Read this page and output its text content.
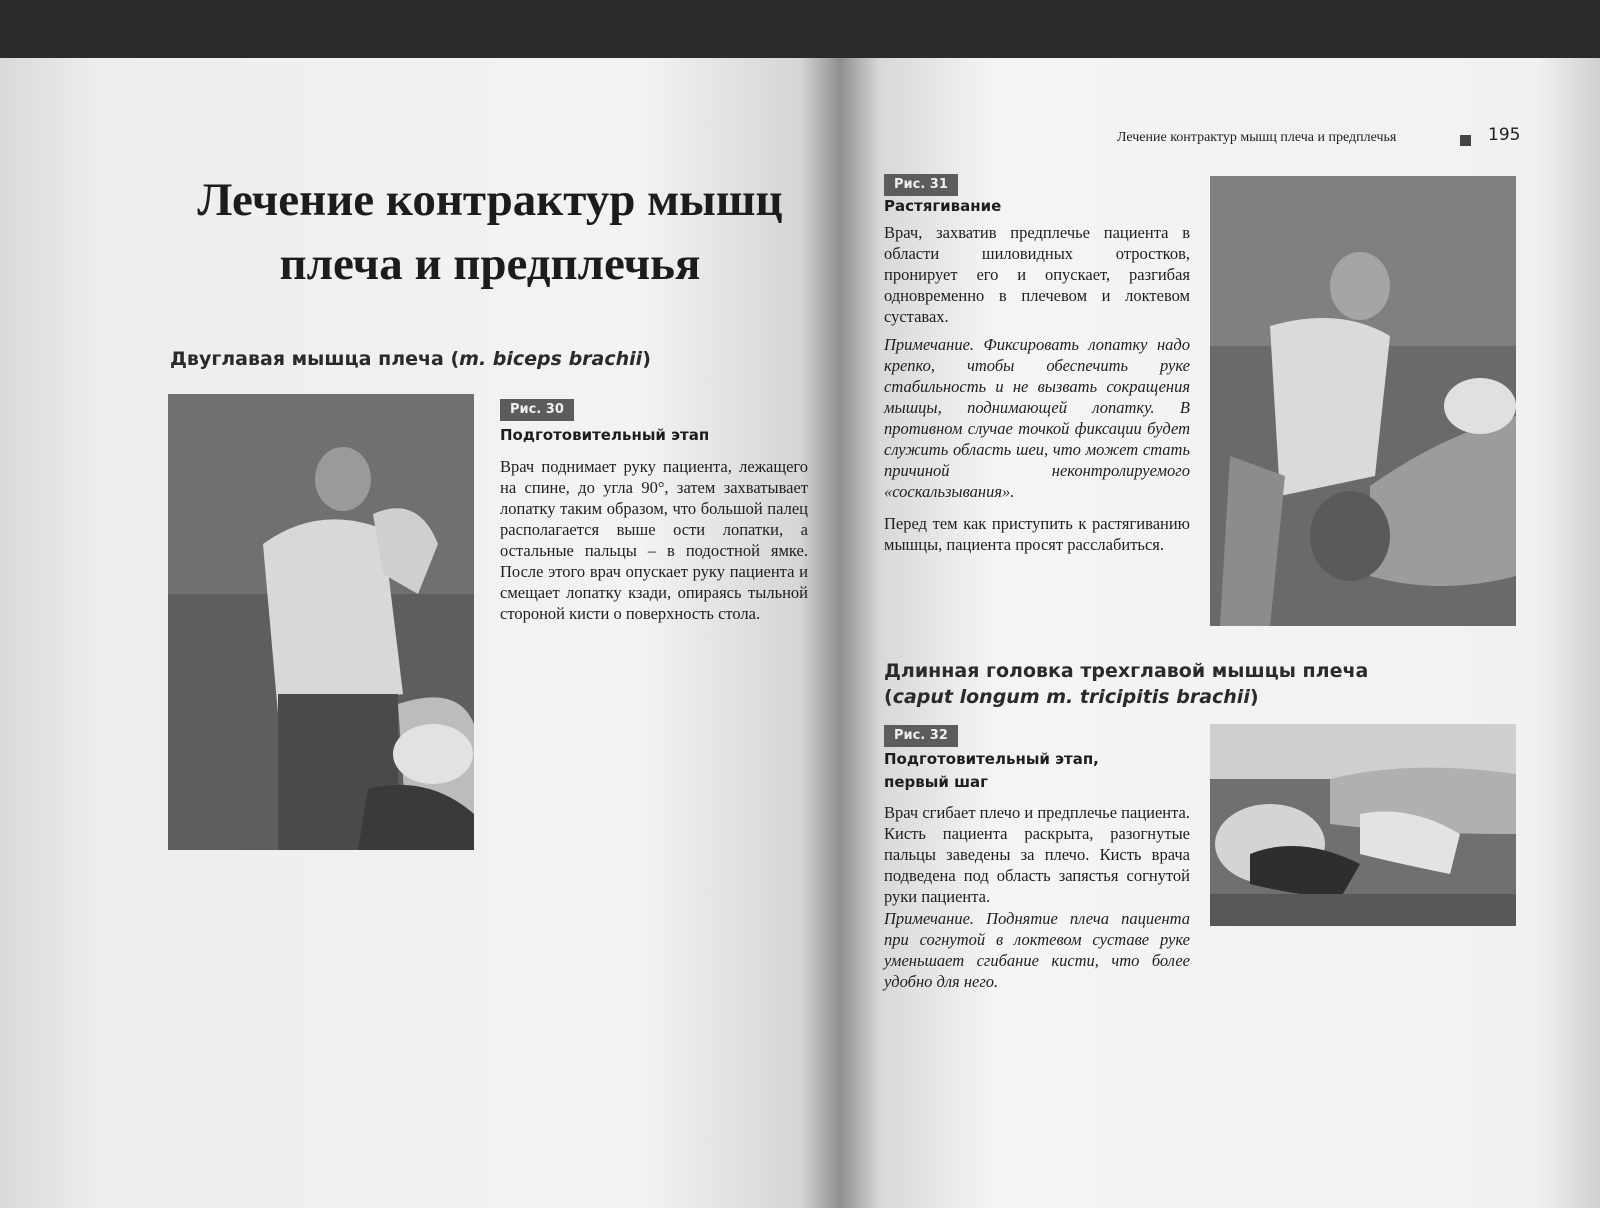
Лечение контрактур мышц плеча и предплечья
Двуглавая мышца плеча (m. biceps brachii)
Рис. 30
Подготовительный этап

Врач поднимает руку пациента, лежащего на спине, до угла 90°, затем захватывает лопатку таким образом, что большой палец располагается выше ости лопатки, а остальные пальцы – в подостной ямке. После этого врач опускает руку пациента и смещает лопатку кзади, опираясь тыльной стороной кисти о поверхность стола.

Лечение контрактур мышц плеча и предплечья	195
Рис. 31
Растягивание

Врач, захватив предплечье пациента в области шиловидных отростков, пронирует его и опускает, разгибая одновременно в плечевом и локтевом суставах.

Примечание. Фиксировать лопатку надо крепко, чтобы обеспечить руке стабильность и не вызвать сокращения мышцы, поднимающей лопатку. В противном случае точкой фиксации будет служить область шеи, что может стать причиной неконтролируемого «соскальзывания».

Перед тем как приступить к растягиванию мышцы, пациента просят расслабиться.

Длинная головка трехглавой мышцы плеча
(caput longum m. tricipitis brachii)
Рис. 32
Подготовительный этап,
первый шаг

Врач сгибает плечо и предплечье пациента. Кисть пациента раскрыта, разогнутые пальцы заведены за плечо. Кисть врача подведена под область запястья согнутой руки пациента.

Примечание. Поднятие плеча пациента при согнутой в локтевом суставе руке уменьшает сгибание кисти, что более удобно для него.
